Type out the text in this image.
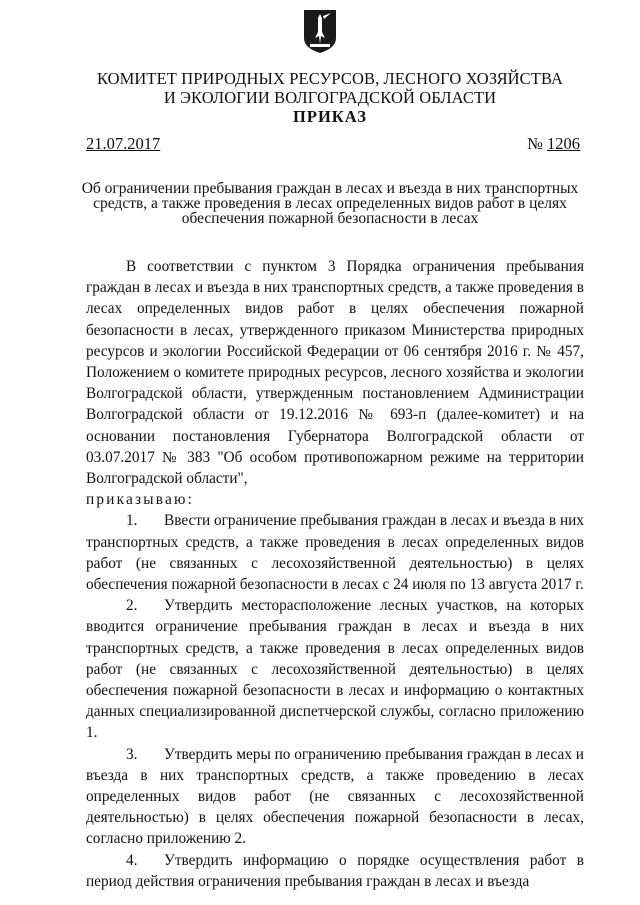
КОМИТЕТ ПРИРОДНЫХ РЕСУРСОВ, ЛЕСНОГО ХОЗЯЙСТВА
И ЭКОЛОГИИ ВОЛГОГРАДСКОЙ ОБЛАСТИ
ПРИКАЗ
21.07.2017	№ 1206
Об ограничении пребывания граждан в лесах и въезда в них транспортных средств, а также проведения в лесах определенных видов работ в целях обеспечения пожарной безопасности в лесах

В соответствии с пунктом 3 Порядка ограничения пребывания граждан в лесах и въезда в них транспортных средств, а также проведения в лесах определенных видов работ в целях обеспечения пожарной безопасности в лесах, утвержденного приказом Министерства природных ресурсов и экологии Российской Федерации от 06 сентября 2016 г. № 457, Положением о комитете природных ресурсов, лесного хозяйства и экологии Волгоградской области, утвержденным постановлением Администрации Волгоградской области от 19.12.2016 № 693-п (далее-комитет) и на основании постановления Губернатора Волгоградской области от 03.07.2017 № 383 "Об особом противопожарном режиме на территории Волгоградской области",

приказываю:

1. Ввести ограничение пребывания граждан в лесах и въезда в них транспортных средств, а также проведения в лесах определенных видов работ (не связанных с лесохозяйственной деятельностью) в целях обеспечения пожарной безопасности в лесах с 24 июля по 13 августа 2017 г.

2. Утвердить месторасположение лесных участков, на которых вводится ограничение пребывания граждан в лесах и въезда в них транспортных средств, а также проведения в лесах определенных видов работ (не связанных с лесохозяйственной деятельностью) в целях обеспечения пожарной безопасности в лесах и информацию о контактных данных специализированной диспетчерской службы, согласно приложению 1.

3. Утвердить меры по ограничению пребывания граждан в лесах и въезда в них транспортных средств, а также проведению в лесах определенных видов работ (не связанных с лесохозяйственной деятельностью) в целях обеспечения пожарной безопасности в лесах, согласно приложению 2.

4. Утвердить информацию о порядке осуществления работ в период действия ограничения пребывания граждан в лесах и въезда
